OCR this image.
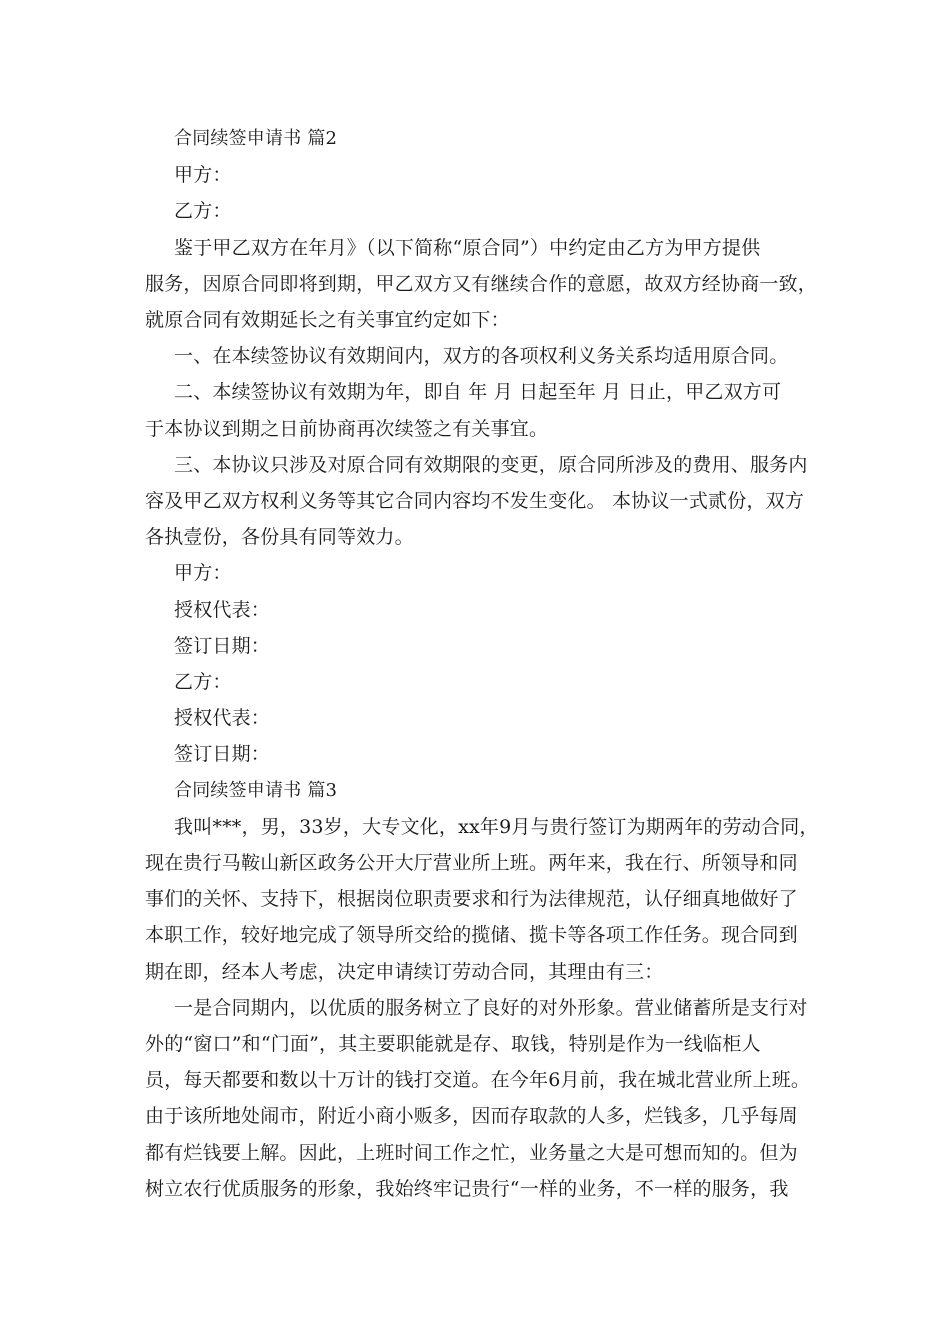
合同续签申请书 篇2
甲方：
乙方：
鉴于甲乙双方在年月》（以下简称“原合同”）中约定由乙方为甲方提供
服务，因原合同即将到期，甲乙双方又有继续合作的意愿，故双方经协商一致，
就原合同有效期延长之有关事宜约定如下：
一、在本续签协议有效期间内，双方的各项权利义务关系均适用原合同。
二、本续签协议有效期为年，即自 年 月 日起至年 月 日止，甲乙双方可
于本协议到期之日前协商再次续签之有关事宜。
三、本协议只涉及对原合同有效期限的变更，原合同所涉及的费用、服务内
容及甲乙双方权利义务等其它合同内容均不发生变化。 本协议一式贰份，双方
各执壹份，各份具有同等效力。
甲方：
授权代表：
签订日期：
乙方：
授权代表：
签订日期：
合同续签申请书 篇3
我叫***，男，33岁，大专文化，xx年9月与贵行签订为期两年的劳动合同，
现在贵行马鞍山新区政务公开大厅营业所上班。两年来，我在行、所领导和同
事们的关怀、支持下，根据岗位职责要求和行为法律规范，认仔细真地做好了
本职工作，较好地完成了领导所交给的揽储、揽卡等各项工作任务。现合同到
期在即，经本人考虑，决定申请续订劳动合同，其理由有三：
一是合同期内，以优质的服务树立了良好的对外形象。营业储蓄所是支行对
外的“窗口”和“门面”，其主要职能就是存、取钱，特别是作为一线临柜人
员，每天都要和数以十万计的钱打交道。在今年6月前，我在城北营业所上班。
由于该所地处闹市，附近小商小贩多，因而存取款的人多，烂钱多，几乎每周
都有烂钱要上解。因此，上班时间工作之忙，业务量之大是可想而知的。但为
树立农行优质服务的形象，我始终牢记贵行“一样的业务，不一样的服务，我
